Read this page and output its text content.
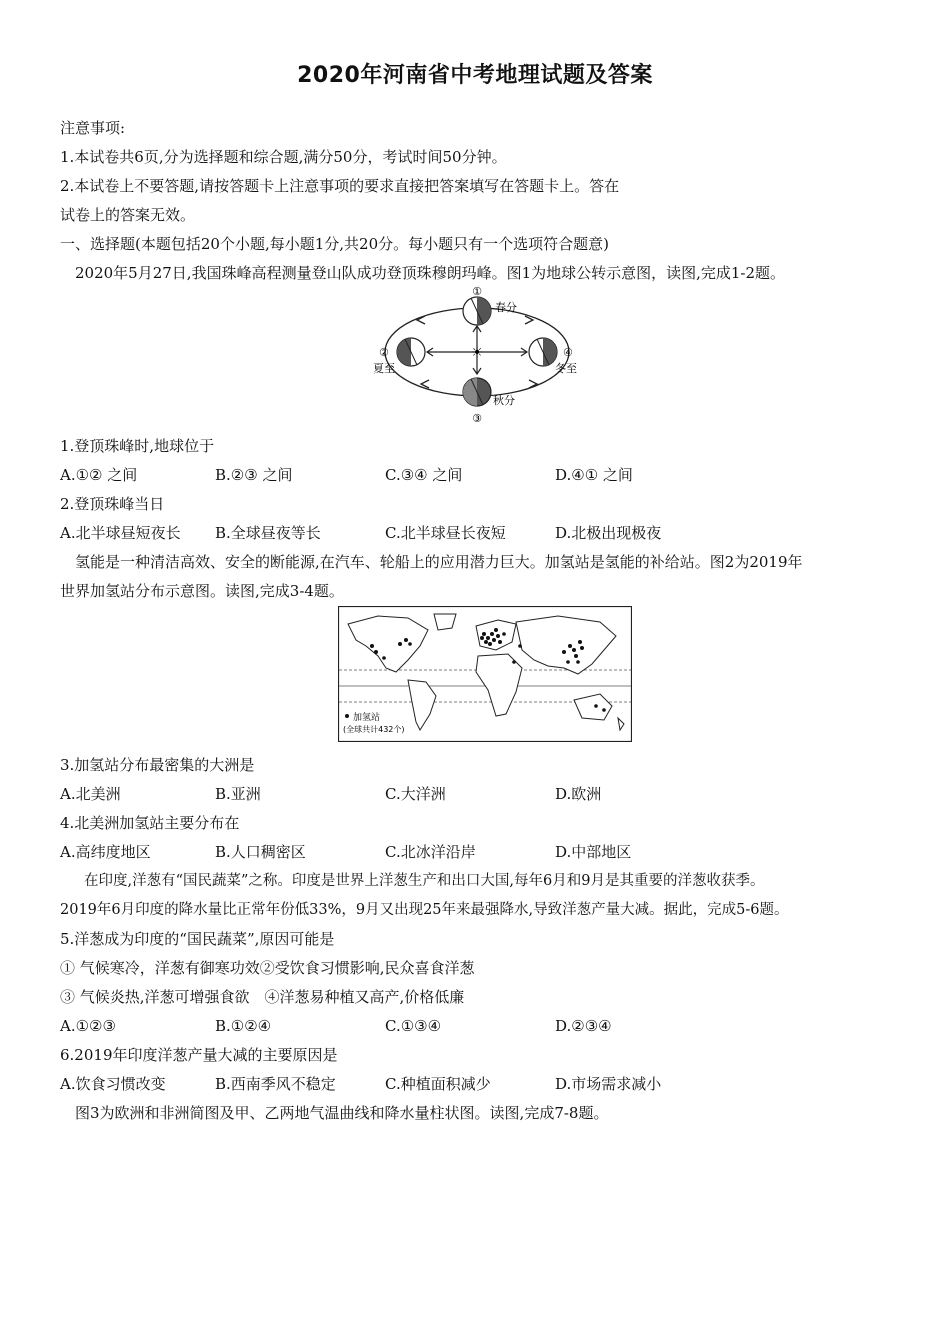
2020年河南省中考地理试题及答案
注意事项:
1.本试卷共6页,分为选择题和综合题,满分50分，考试时间50分钟。
2.本试卷上不要答题,请按答题卡上注意事项的要求直接把答案填写在答题卡上。答在
试卷上的答案无效。
一、选择题(本题包括20个小题,每小题1分,共20分。每小题只有一个选项符合题意)
2020年5月27日,我国珠峰高程测量登山队成功登顶珠穆朗玛峰。图1为地球公转示意图，读图,完成1-2题。
☀
①
春分
②
夏至
③
秋分
④
冬至
1.登顶珠峰时,地球位于
A.①② 之间	B.②③ 之间	C.③④ 之间	D.④① 之间
2.登顶珠峰当日
A.北半球昼短夜长 B.全球昼夜等长	C.北半球昼长夜短	D.北极出现极夜
氢能是一种清洁高效、安全的断能源,在汽车、轮船上的应用潜力巨大。加氢站是氢能的补给站。图2为2019年
世界加氢站分布示意图。读图,完成3-4题。
加氢站
(全球共计432个)
3.加氢站分布最密集的大洲是
A.北美洲	B.亚洲	C.大洋洲	D.欧洲
4.北美洲加氢站主要分布在
A.高纬度地区	B.人口稠密区	C.北冰洋沿岸	D.中部地区
在印度,洋葱有“国民蔬菜”之称。印度是世界上洋葱生产和出口大国,每年6月和9月是其重要的洋葱收获季。
2019年6月印度的降水量比正常年份低33%，9月又出现25年来最强降水,导致洋葱产量大减。据此，完成5-6题。
5.洋葱成为印度的“国民蔬菜”,原因可能是
① 气候寒冷，洋葱有御寒功效②受饮食习惯影响,民众喜食洋葱
③ 气候炎热,洋葱可增强食欲　④洋葱易种植又高产,价格低廉
A.①②③	B.①②④	C.①③④	D.②③④
6.2019年印度洋葱产量大减的主要原因是
A.饮食习惯改变	B.西南季风不稳定	C.种植面积减少	D.市场需求减小
图3为欧洲和非洲简图及甲、乙两地气温曲线和降水量柱状图。读图,完成7-8题。
